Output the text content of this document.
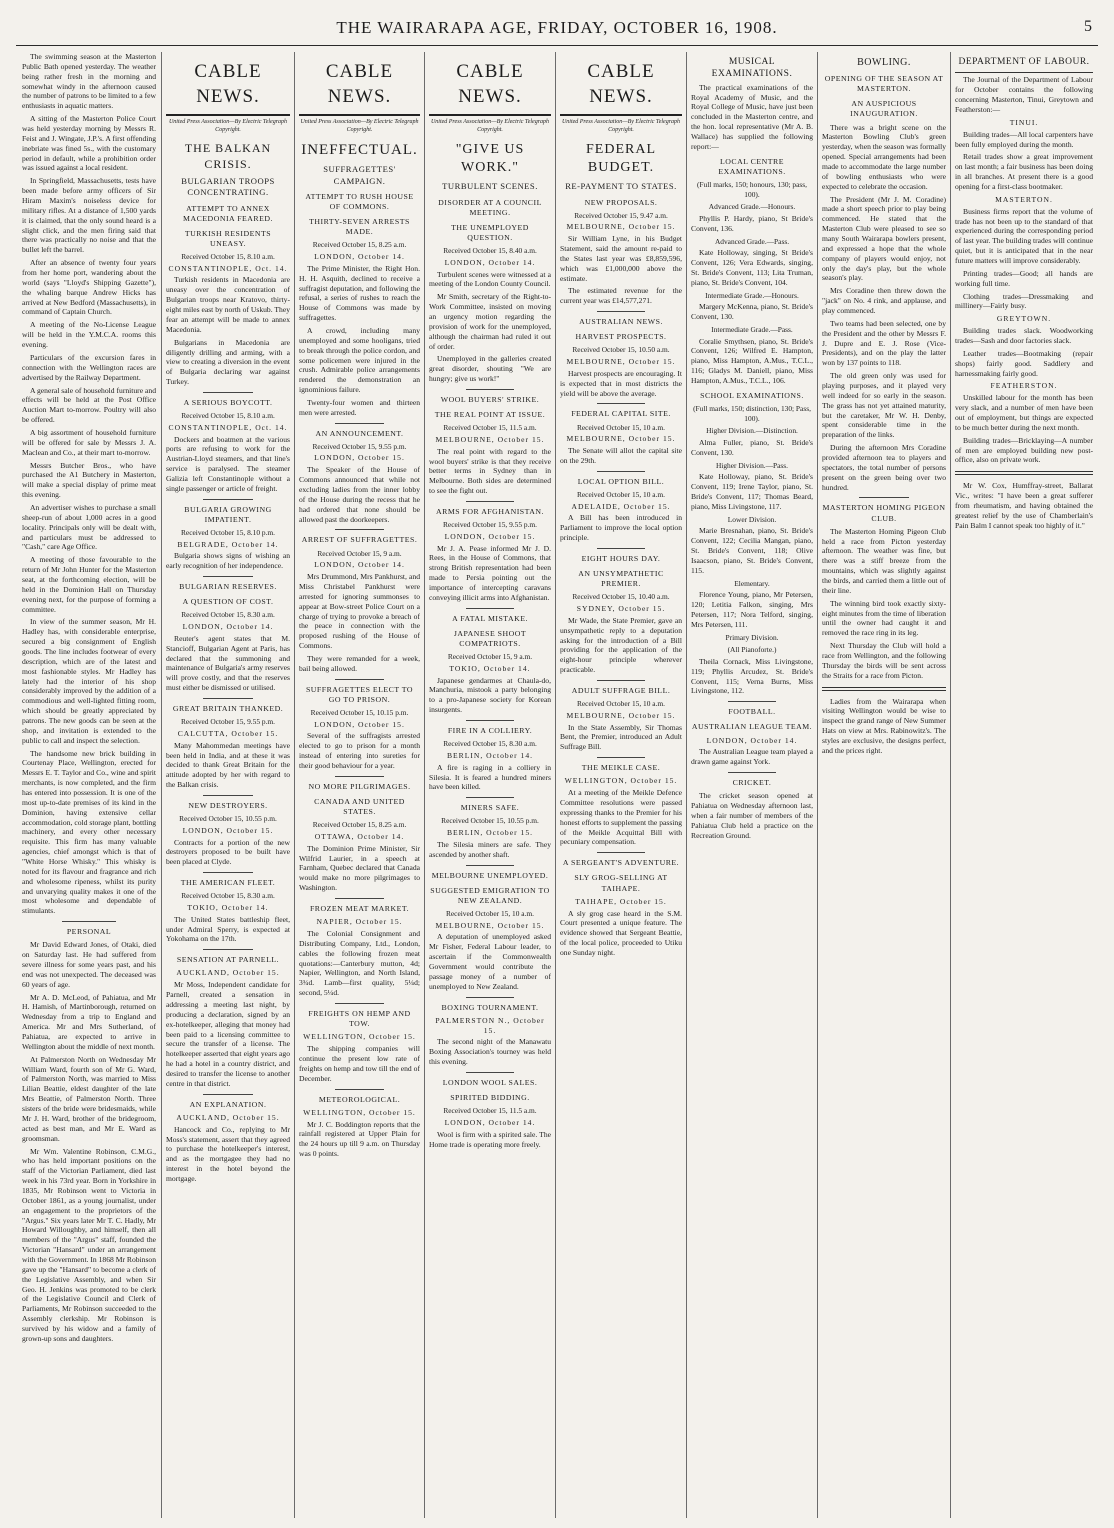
THE WAIRARAPA AGE, FRIDAY, OCTOBER 16, 1908.	5

The swimming season at the Masterton Public Bath opened yesterday. The weather being rather fresh in the morning and somewhat windy in the afternoon caused the number of patrons to be limited to a few enthusiasts in aquatic matters.

A sitting of the Masterton Police Court was held yesterday morning by Messrs R. Feist and J. Wingate, J.P.'s. A first offending inebriate was fined 5s., with the customary period in default, while a prohibition order was issued against a local resident.

In Springfield, Massachusetts, tests have been made before army officers of Sir Hiram Maxim's noiseless device for military rifles. At a distance of 1,500 yards it is claimed, that the only sound heard is a slight click, and the men firing said that there was practically no noise and that the bullet left the barrel.

After an absence of twenty four years from her home port, wandering about the world (says "Lloyd's Shipping Gazette"), the whaling barque Andrew Hicks has arrived at New Bedford (Massachusetts), in command of Captain Church.

A meeting of the No-License League will be held in the Y.M.C.A. rooms this evening.

Particulars of the excursion fares in connection with the Wellington races are advertised by the Railway Department.

A general sale of household furniture and effects will be held at the Post Office Auction Mart to-morrow. Poultry will also be offered.

A big assortment of household furniture will be offered for sale by Messrs J. A. Maclean and Co., at their mart to-morrow.

Messrs Butcher Bros., who have purchased the A1 Butchery in Masterton, will make a special display of prime meat this evening.

An advertiser wishes to purchase a small sheep-run of about 1,000 acres in a good locality. Principals only will be dealt with, and particulars must be addressed to "Cash," care Age Office.

A meeting of those favourable to the return of Mr John Hunter for the Masterton seat, at the forthcoming election, will be held in the Dominion Hall on Thursday evening next, for the purpose of forming a committee.

In view of the summer season, Mr H. Hadley has, with considerable enterprise, secured a big consignment of English goods. The line includes footwear of every description, which are of the latest and most fashionable styles. Mr Hadley has lately had the interior of his shop considerably improved by the addition of a commodious and well-lighted fitting room, which should be greatly appreciated by patrons. The new goods can be seen at the shop, and invitation is extended to the public to call and inspect the selection.

The handsome new brick building in Courtenay Place, Wellington, erected for Messrs E. T. Taylor and Co., wine and spirit merchants, is now completed, and the firm has entered into possession. It is one of the most up-to-date premises of its kind in the Dominion, having extensive cellar accommodation, cold storage plant, bottling machinery, and every other necessary requisite. This firm has many valuable agencies, chief amongst which is that of "White Horse Whisky." This whisky is noted for its flavour and fragrance and rich and wholesome ripeness, whilst its purity and unvarying quality makes it one of the most wholesome and dependable of stimulants.

PERSONAL

Mr David Edward Jones, of Otaki, died on Saturday last. He had suffered from severe illness for some years past, and his end was not unexpected. The deceased was 60 years of age.

Mr A. D. McLeod, of Pahiatua, and Mr H. Hamish, of Martinborough, returned on Wednesday from a trip to England and America. Mr and Mrs Sutherland, of Pahiatua, are expected to arrive in Wellington about the middle of next month.

At Palmerston North on Wednesday Mr William Ward, fourth son of Mr G. Ward, of Palmerston North, was married to Miss Lilian Beattie, eldest daughter of the late Mrs Beattie, of Palmerston North. Three sisters of the bride were bridesmaids, while Mr J. H. Ward, brother of the bridegroom, acted as best man, and Mr E. Ward as groomsman.

Mr Wm. Valentine Robinson, C.M.G., who has held important positions on the staff of the Victorian Parliament, died last week in his 73rd year. Born in Yorkshire in 1835, Mr Robinson went to Victoria in October 1861, as a young journalist, under an engagement to the proprietors of the "Argus." Six years later Mr T. C. Hadly, Mr Howard Willoughby, and himself, then all members of the "Argus" staff, founded the Victorian "Hansard" under an arrangement with the Government. In 1868 Mr Robinson gave up the "Hansard" to become a clerk of the Legislative Assembly, and when Sir Geo. H. Jenkins was promoted to be clerk of the Legislative Council and Clerk of Parliaments, Mr Robinson succeeded to the Assembly clerkship. Mr Robinson is survived by his widow and a family of grown-up sons and daughters.

CABLE NEWS.
United Press Association—By Electric Telegraph Copyright.
THE BALKAN CRISIS.
BULGARIAN TROOPS CONCENTRATING.
ATTEMPT TO ANNEX MACEDONIA FEARED.
TURKISH RESIDENTS UNEASY.
Received October 15, 8.10 a.m.
CONSTANTINOPLE, Oct. 14.

Turkish residents in Macedonia are uneasy over the concentration of Bulgarian troops near Kratovo, thirty-eight miles east by north of Uskub. They fear an attempt will be made to annex Macedonia.

Bulgarians in Macedonia are diligently drilling and arming, with a view to creating a diversion in the event of Bulgaria declaring war against Turkey.

A SERIOUS BOYCOTT.
Received October 15, 8.10 a.m.
CONSTANTINOPLE, Oct. 14.

Dockers and boatmen at the various ports are refusing to work for the Austrian-Lloyd steamers, and that line's service is paralysed. The steamer Galizia left Constantinople without a single passenger or article of freight.

BULGARIA GROWING IMPATIENT.
Received October 15, 8.10 p.m.
BELGRADE, October 14.

Bulgaria shows signs of wishing an early recognition of her independence.

BULGARIAN RESERVES.
A QUESTION OF COST.
Received October 15, 8.30 a.m.
LONDON, October 14.

Reuter's agent states that M. Stancioff, Bulgarian Agent at Paris, has declared that the summoning and maintenance of Bulgaria's army reserves will prove costly, and that the reserves must either be dismissed or utilised.

GREAT BRITAIN THANKED.
Received October 15, 9.55 p.m.
CALCUTTA, October 15.

Many Mahommedan meetings have been held in India, and at these it was decided to thank Great Britain for the attitude adopted by her with regard to the Balkan crisis.

NEW DESTROYERS.
Received October 15, 10.55 p.m.
LONDON, October 15.

Contracts for a portion of the new destroyers proposed to be built have been placed at Clyde.

THE AMERICAN FLEET.
Received October 15, 8.30 a.m.
TOKIO, October 14.

The United States battleship fleet, under Admiral Sperry, is expected at Yokohama on the 17th.

SENSATION AT PARNELL.
AUCKLAND, October 15.

Mr Moss, Independent candidate for Parnell, created a sensation in addressing a meeting last night, by producing a declaration, signed by an ex-hotelkeeper, alleging that money had been paid to a licensing committee to secure the transfer of a license. The hotelkeeper asserted that eight years ago he had a hotel in a country district, and desired to transfer the license to another centre in that district.

AN EXPLANATION.
AUCKLAND, October 15.

Hancock and Co., replying to Mr Moss's statement, assert that they agreed to purchase the hotelkeeper's interest, and as the mortgagee they had no interest in the hotel beyond the mortgage.

CABLE NEWS.
United Press Association—By Electric Telegraph Copyright.
INEFFECTUAL.
SUFFRAGETTES' CAMPAIGN.
ATTEMPT TO RUSH HOUSE OF COMMONS.
THIRTY-SEVEN ARRESTS MADE.
Received October 15, 8.25 a.m.
LONDON, October 14.

The Prime Minister, the Right Hon. H. H. Asquith, declined to receive a suffragist deputation, and following the refusal, a series of rushes to reach the House of Commons was made by suffragettes.

A crowd, including many unemployed and some hooligans, tried to break through the police cordon, and some policemen were injured in the crush. Admirable police arrangements rendered the demonstration an ignominious failure.

Twenty-four women and thirteen men were arrested.

AN ANNOUNCEMENT.
Received October 15, 9.55 p.m.
LONDON, October 15.

The Speaker of the House of Commons announced that while not excluding ladies from the inner lobby of the House during the recess that he had ordered that none should be allowed past the doorkeepers.

ARREST OF SUFFRAGETTES.
Received October 15, 9 a.m.
LONDON, October 14.

Mrs Drummond, Mrs Pankhurst, and Miss Christabel Pankhurst were arrested for ignoring summonses to appear at Bow-street Police Court on a charge of trying to provoke a breach of the peace in connection with the proposed rushing of the House of Commons.

They were remanded for a week, bail being allowed.

SUFFRAGETTES ELECT TO GO TO PRISON.
Received October 15, 10.15 p.m.
LONDON, October 15.

Several of the suffragists arrested elected to go to prison for a month instead of entering into sureties for their good behaviour for a year.

NO MORE PILGRIMAGES.
CANADA AND UNITED STATES.
Received October 15, 8.25 a.m.
OTTAWA, October 14.

The Dominion Prime Minister, Sir Wilfrid Laurier, in a speech at Farnham, Quebec declared that Canada would make no more pilgrimages to Washington.

FROZEN MEAT MARKET.
NAPIER, October 15.

The Colonial Consignment and Distributing Company, Ltd., London, cables the following frozen meat quotations:—Canterbury mutton, 4d; Napier, Wellington, and North Island, 3¾d. Lamb—first quality, 5¼d; second, 5¼d.

FREIGHTS ON HEMP AND TOW.
WELLINGTON, October 15.

The shipping companies will continue the present low rate of freights on hemp and tow till the end of December.

METEOROLOGICAL.
WELLINGTON, October 15.

Mr J. C. Boddington reports that the rainfall registered at Upper Plain for the 24 hours up till 9 a.m. on Thursday was 0 points.

CABLE NEWS.
United Press Association—By Electric Telegraph Copyright.
"GIVE US WORK."
TURBULENT SCENES.
DISORDER AT A COUNCIL MEETING.
THE UNEMPLOYED QUESTION.
Received October 15, 8.40 a.m.
LONDON, October 14.

Turbulent scenes were witnessed at a meeting of the London County Council.

Mr Smith, secretary of the Right-to-Work Committee, insisted on moving an urgency motion regarding the provision of work for the unemployed, although the chairman had ruled it out of order.

Unemployed in the galleries created great disorder, shouting "We are hungry; give us work!"

WOOL BUYERS' STRIKE.
THE REAL POINT AT ISSUE.
Received October 15, 11.5 a.m.
MELBOURNE, October 15.

The real point with regard to the wool buyers' strike is that they receive better terms in Sydney than in Melbourne. Both sides are determined to see the fight out.

ARMS FOR AFGHANISTAN.
Received October 15, 9.55 p.m.
LONDON, October 15.

Mr J. A. Pease informed Mr J. D. Rees, in the House of Commons, that strong British representation had been made to Persia pointing out the importance of intercepting caravans conveying illicit arms into Afghanistan.

A FATAL MISTAKE.
JAPANESE SHOOT COMPATRIOTS.
Received October 15, 9 a.m.
TOKIO, October 14.

Japanese gendarmes at Chaula-do, Manchuria, mistook a party belonging to a pro-Japanese society for Korean insurgents.

FIRE IN A COLLIERY.
Received October 15, 8.30 a.m.
BERLIN, October 14.

A fire is raging in a colliery in Silesia. It is feared a hundred miners have been killed.

MINERS SAFE.
Received October 15, 10.55 p.m.
BERLIN, October 15.

The Silesia miners are safe. They ascended by another shaft.

MELBOURNE UNEMPLOYED.
SUGGESTED EMIGRATION TO NEW ZEALAND.
Received October 15, 10 a.m.
MELBOURNE, October 15.

A deputation of unemployed asked Mr Fisher, Federal Labour leader, to ascertain if the Commonwealth Government would contribute the passage money of a number of unemployed to New Zealand.

BOXING TOURNAMENT.
PALMERSTON N., October 15.

The second night of the Manawatu Boxing Association's tourney was held this evening.

LONDON WOOL SALES.
SPIRITED BIDDING.
Received October 15, 11.5 a.m.
LONDON, October 14.

Wool is firm with a spirited sale. The Home trade is operating more freely.

CABLE NEWS.
United Press Association—By Electric Telegraph Copyright.
FEDERAL BUDGET.
RE-PAYMENT TO STATES.
NEW PROPOSALS.
Received October 15, 9.47 a.m.
MELBOURNE, October 15.

Sir William Lyne, in his Budget Statement, said the amount re-paid to the States last year was £8,859,596, which was £1,000,000 above the estimate.

The estimated revenue for the current year was £14,577,271.

AUSTRALIAN NEWS.
HARVEST PROSPECTS.
Received October 15, 10.50 a.m.
MELBOURNE, October 15.

Harvest prospects are encouraging. It is expected that in most districts the yield will be above the average.

FEDERAL CAPITAL SITE.
Received October 15, 10 a.m.
MELBOURNE, October 15.

The Senate will allot the capital site on the 29th.

LOCAL OPTION BILL.
Received October 15, 10 a.m.
ADELAIDE, October 15.

A Bill has been introduced in Parliament to improve the local option principle.

EIGHT HOURS DAY.
AN UNSYMPATHETIC PREMIER.
Received October 15, 10.40 a.m.
SYDNEY, October 15.

Mr Wade, the State Premier, gave an unsympathetic reply to a deputation asking for the introduction of a Bill providing for the application of the eight-hour principle wherever practicable.

ADULT SUFFRAGE BILL.
Received October 15, 10 a.m.
MELBOURNE, October 15.

In the State Assembly, Sir Thomas Bent, the Premier, introduced an Adult Suffrage Bill.

THE MEIKLE CASE.
WELLINGTON, October 15.

At a meeting of the Meikle Defence Committee resolutions were passed expressing thanks to the Premier for his honest efforts to supplement the passing of the Meikle Acquittal Bill with pecuniary compensation.

A SERGEANT'S ADVENTURE.
SLY GROG-SELLING AT TAIHAPE.
TAIHAPE, October 15.

A sly grog case heard in the S.M. Court presented a unique feature. The evidence showed that Sergeant Beattie, of the local police, proceeded to Utiku one Sunday night.

MUSICAL EXAMINATIONS.

The practical examinations of the Royal Academy of Music, and the Royal College of Music, have just been concluded in the Masterton centre, and the hon. local representative (Mr A. B. Wallace) has supplied the following report:—

LOCAL CENTRE EXAMINATIONS.
(Full marks, 150; honours, 130; pass, 100).
Advanced Grade.—Honours.

Phyllis P. Hardy, piano, St Bride's Convent, 136.

Advanced Grade.—Pass.

Kate Holloway, singing, St Bride's Convent, 126; Vera Edwards, singing, St. Bride's Convent, 113; Lita Truman, piano, St. Bride's Convent, 104.

Intermediate Grade.—Honours.

Margery McKenna, piano, St. Bride's Convent, 130.

Intermediate Grade.—Pass.

Coralie Smythsen, piano, St. Bride's Convent, 126; Wilfred E. Hampton, piano, Miss Hampton, A.Mus., T.C.L., 116; Gladys M. Daniell, piano, Miss Hampton, A.Mus., T.C.L., 106.

SCHOOL EXAMINATIONS.
(Full marks, 150; distinction, 130; Pass, 100).
Higher Division.—Distinction.

Alma Fuller, piano, St. Bride's Convent, 130.

Higher Division.—Pass.

Kate Holloway, piano, St. Bride's Convent, 119; Irene Taylor, piano, St. Bride's Convent, 117; Thomas Beard, piano, Miss Livingstone, 117.

Lower Division.

Marie Bresnahan, piano, St. Bride's Convent, 122; Cecilia Mangan, piano, St. Bride's Convent, 118; Olive Isaacson, piano, St. Bride's Convent, 115.

Elementary.

Florence Young, piano, Mr Petersen, 120; Letitia Falkon, singing, Mrs Petersen, 117; Nora Telford, singing, Mrs Petersen, 111.

Primary Division.
(All Pianoforte.)

Theila Cornack, Miss Livingstone, 119; Phyllis Arcudez, St. Bride's Convent, 115; Verna Burns, Miss Livingstone, 112.

FOOTBALL.
AUSTRALIAN LEAGUE TEAM.
LONDON, October 14.

The Australian League team played a drawn game against York.

CRICKET.

The cricket season opened at Pahiatua on Wednesday afternoon last, when a fair number of members of the Pahiatua Club held a practice on the Recreation Ground.

BOWLING.
OPENING OF THE SEASON AT MASTERTON.
AN AUSPICIOUS INAUGURATION.

There was a bright scene on the Masterton Bowling Club's green yesterday, when the season was formally opened. Special arrangements had been made to accommodate the large number of bowling enthusiasts who were expected to celebrate the occasion.

The President (Mr J. M. Coradine) made a short speech prior to play being commenced. He stated that the Masterton Club were pleased to see so many South Wairarapa bowlers present, and expressed a hope that the whole company of players would enjoy, not only the day's play, but the whole season's play.

Mrs Coradine then threw down the "jack" on No. 4 rink, and applause, and play commenced.

Two teams had been selected, one by the President and the other by Messrs F. J. Dupre and E. J. Rose (Vice-Presidents), and on the play the latter won by 137 points to 118.

The old green only was used for playing purposes, and it played very well indeed for so early in the season. The grass has not yet attained maturity, but the caretaker, Mr W. H. Denby, spent considerable time in the preparation of the links.

During the afternoon Mrs Coradine provided afternoon tea to players and spectators, the total number of persons present on the green being over two hundred.

MASTERTON HOMING PIGEON CLUB.

The Masterton Homing Pigeon Club held a race from Picton yesterday afternoon. The weather was fine, but there was a stiff breeze from the mountains, which was slightly against the birds, and carried them a little out of their line.

The winning bird took exactly sixty-eight minutes from the time of liberation until the owner had caught it and removed the race ring in its leg.

Next Thursday the Club will hold a race from Wellington, and the following Thursday the birds will be sent across the Straits for a race from Picton.

Ladies from the Wairarapa when visiting Wellington would be wise to inspect the grand range of New Summer Hats on view at Mrs. Rabinowitz's. The styles are exclusive, the designs perfect, and the prices right.

DEPARTMENT OF LABOUR.

The Journal of the Department of Labour for October contains the following concerning Masterton, Tinui, Greytown and Featherston:—

TINUI.

Building trades—All local carpenters have been fully employed during the month.

Retail trades show a great improvement on last month; a fair business has been doing in all branches. At present there is a good opening for a first-class bootmaker.

MASTERTON.

Business firms report that the volume of trade has not been up to the standard of that experienced during the corresponding period of last year. The building trades will continue quiet, but it is anticipated that in the near future matters will improve considerably.

Printing trades—Good; all hands are working full time.

Clothing trades—Dressmaking and millinery—Fairly busy.

GREYTOWN.

Building trades slack. Woodworking trades—Sash and door factories slack.

Leather trades—Bootmaking (repair shops) fairly good. Saddlery and harnessmaking fairly good.

FEATHERSTON.

Unskilled labour for the month has been very slack, and a number of men have been out of employment, but things are expected to be much better during the next month.

Building trades—Bricklaying—A number of men are employed building new post-office, also on private work.

Mr W. Cox, Humffray-street, Ballarat Vic., writes: "I have been a great sufferer from rheumatism, and having obtained the greatest relief by the use of Chamberlain's Pain Balm I cannot speak too highly of it."
